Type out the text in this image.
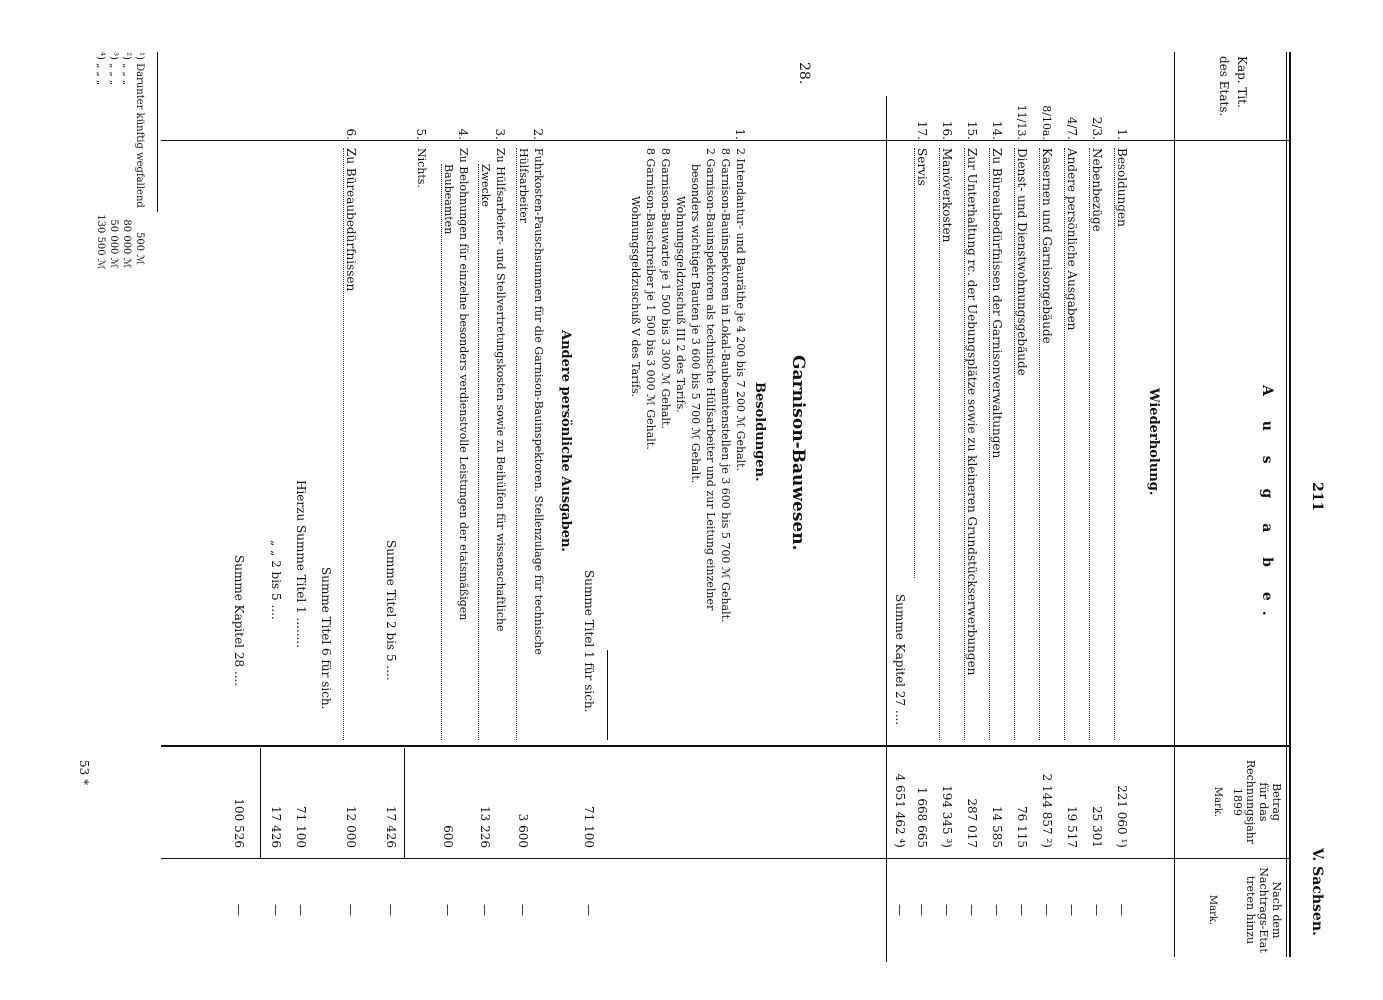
211
V. Sachsen.
A u s g a b e.
Kap. Tit.
des Etats.
Betrag
für das
Rechnungsjahr
1899
Mark.
Nach dem
Nachtrags-Etat
treten hinzu
Mark.
Wiederholung.
1.
Besoldungen
221 060 ¹)
—
2/3.
Nebenbezüge
25 301
—
4/7.
Andere persönliche Ausgaben
19 517
—
8/10a.
Kasernen und Garnisongebäude
2 144 857 ²)
—
11/13.
Dienst- und Dienstwohnungsgebäude
76 115
—
14.
Zu Büreaubedürfnissen der Garnisonverwaltungen
14 585
—
15.
Zur Unterhaltung rc. der Uebungsplätze sowie zu kleineren Grundstückserwerbungen
287 017
—
16.
Manöverkosten
194 345 ³)
—
17.
Servis
1 668 665
—
Summe Kapitel 27 ....
4 651 462 ⁴)
—
28.
Garnison-Bauwesen.
Besoldungen.
1.
2 Intendantur- und Bauräthe je 4 200 bis 7 200 ℳ Gehalt.
8 Garnison-Bauinspektoren in Lokal-Baubeamtenstellen je 3 600 bis 5 700 ℳ Gehalt.
2 Garnison-Bauinspektoren als technische Hülfsarbeiter und zur Leitung einzelner
besonders wichtiger Bauten je 3 600 bis 5 700 ℳ Gehalt.
Wohnungsgeldzuschuß III 2 des Tarifs.
8 Garnison-Bauwarte je 1 500 bis 3 300 ℳ Gehalt.
8 Garnison-Bauschreiber je 1 500 bis 3 000 ℳ Gehalt.
Wohnungsgeldzuschuß V des Tarifs.
Summe Titel 1 für sich.
71 100
—
Andere persönliche Ausgaben.
2.
Fuhrkosten-Pauschsummen für die Garnison-Bauinspektoren. Stellenzulage für technische
Hülfsarbeiter
3 600
—
3.
Zu Hülfsarbeiter- und Stellvertretungskosten sowie zu Beihülfen für wissenschaftliche
Zwecke
13 226
—
4.
Zu Belohnungen für einzelne besonders verdienstvolle Leistungen der etatsmäßigen
Baubeamten
600
—
5.
Nichts.
Summe Titel 2 bis 5 ....
17 426
—
6.
Zu Büreaubedürfnissen
12 000
—
Summe Titel 6 für sich.
Hierzu Summe Titel 1 ........
71 100
—
„ „ 2 bis 5 ....
17 426
—
Summe Kapitel 28 ....
100 526
—
¹) Darunter künftig wegfallend 500 ℳ
²) „ „ „ 80 000 ℳ
³) „ „ „ 50 000 ℳ
⁴) „ „ „ 130 500 ℳ
53 *
